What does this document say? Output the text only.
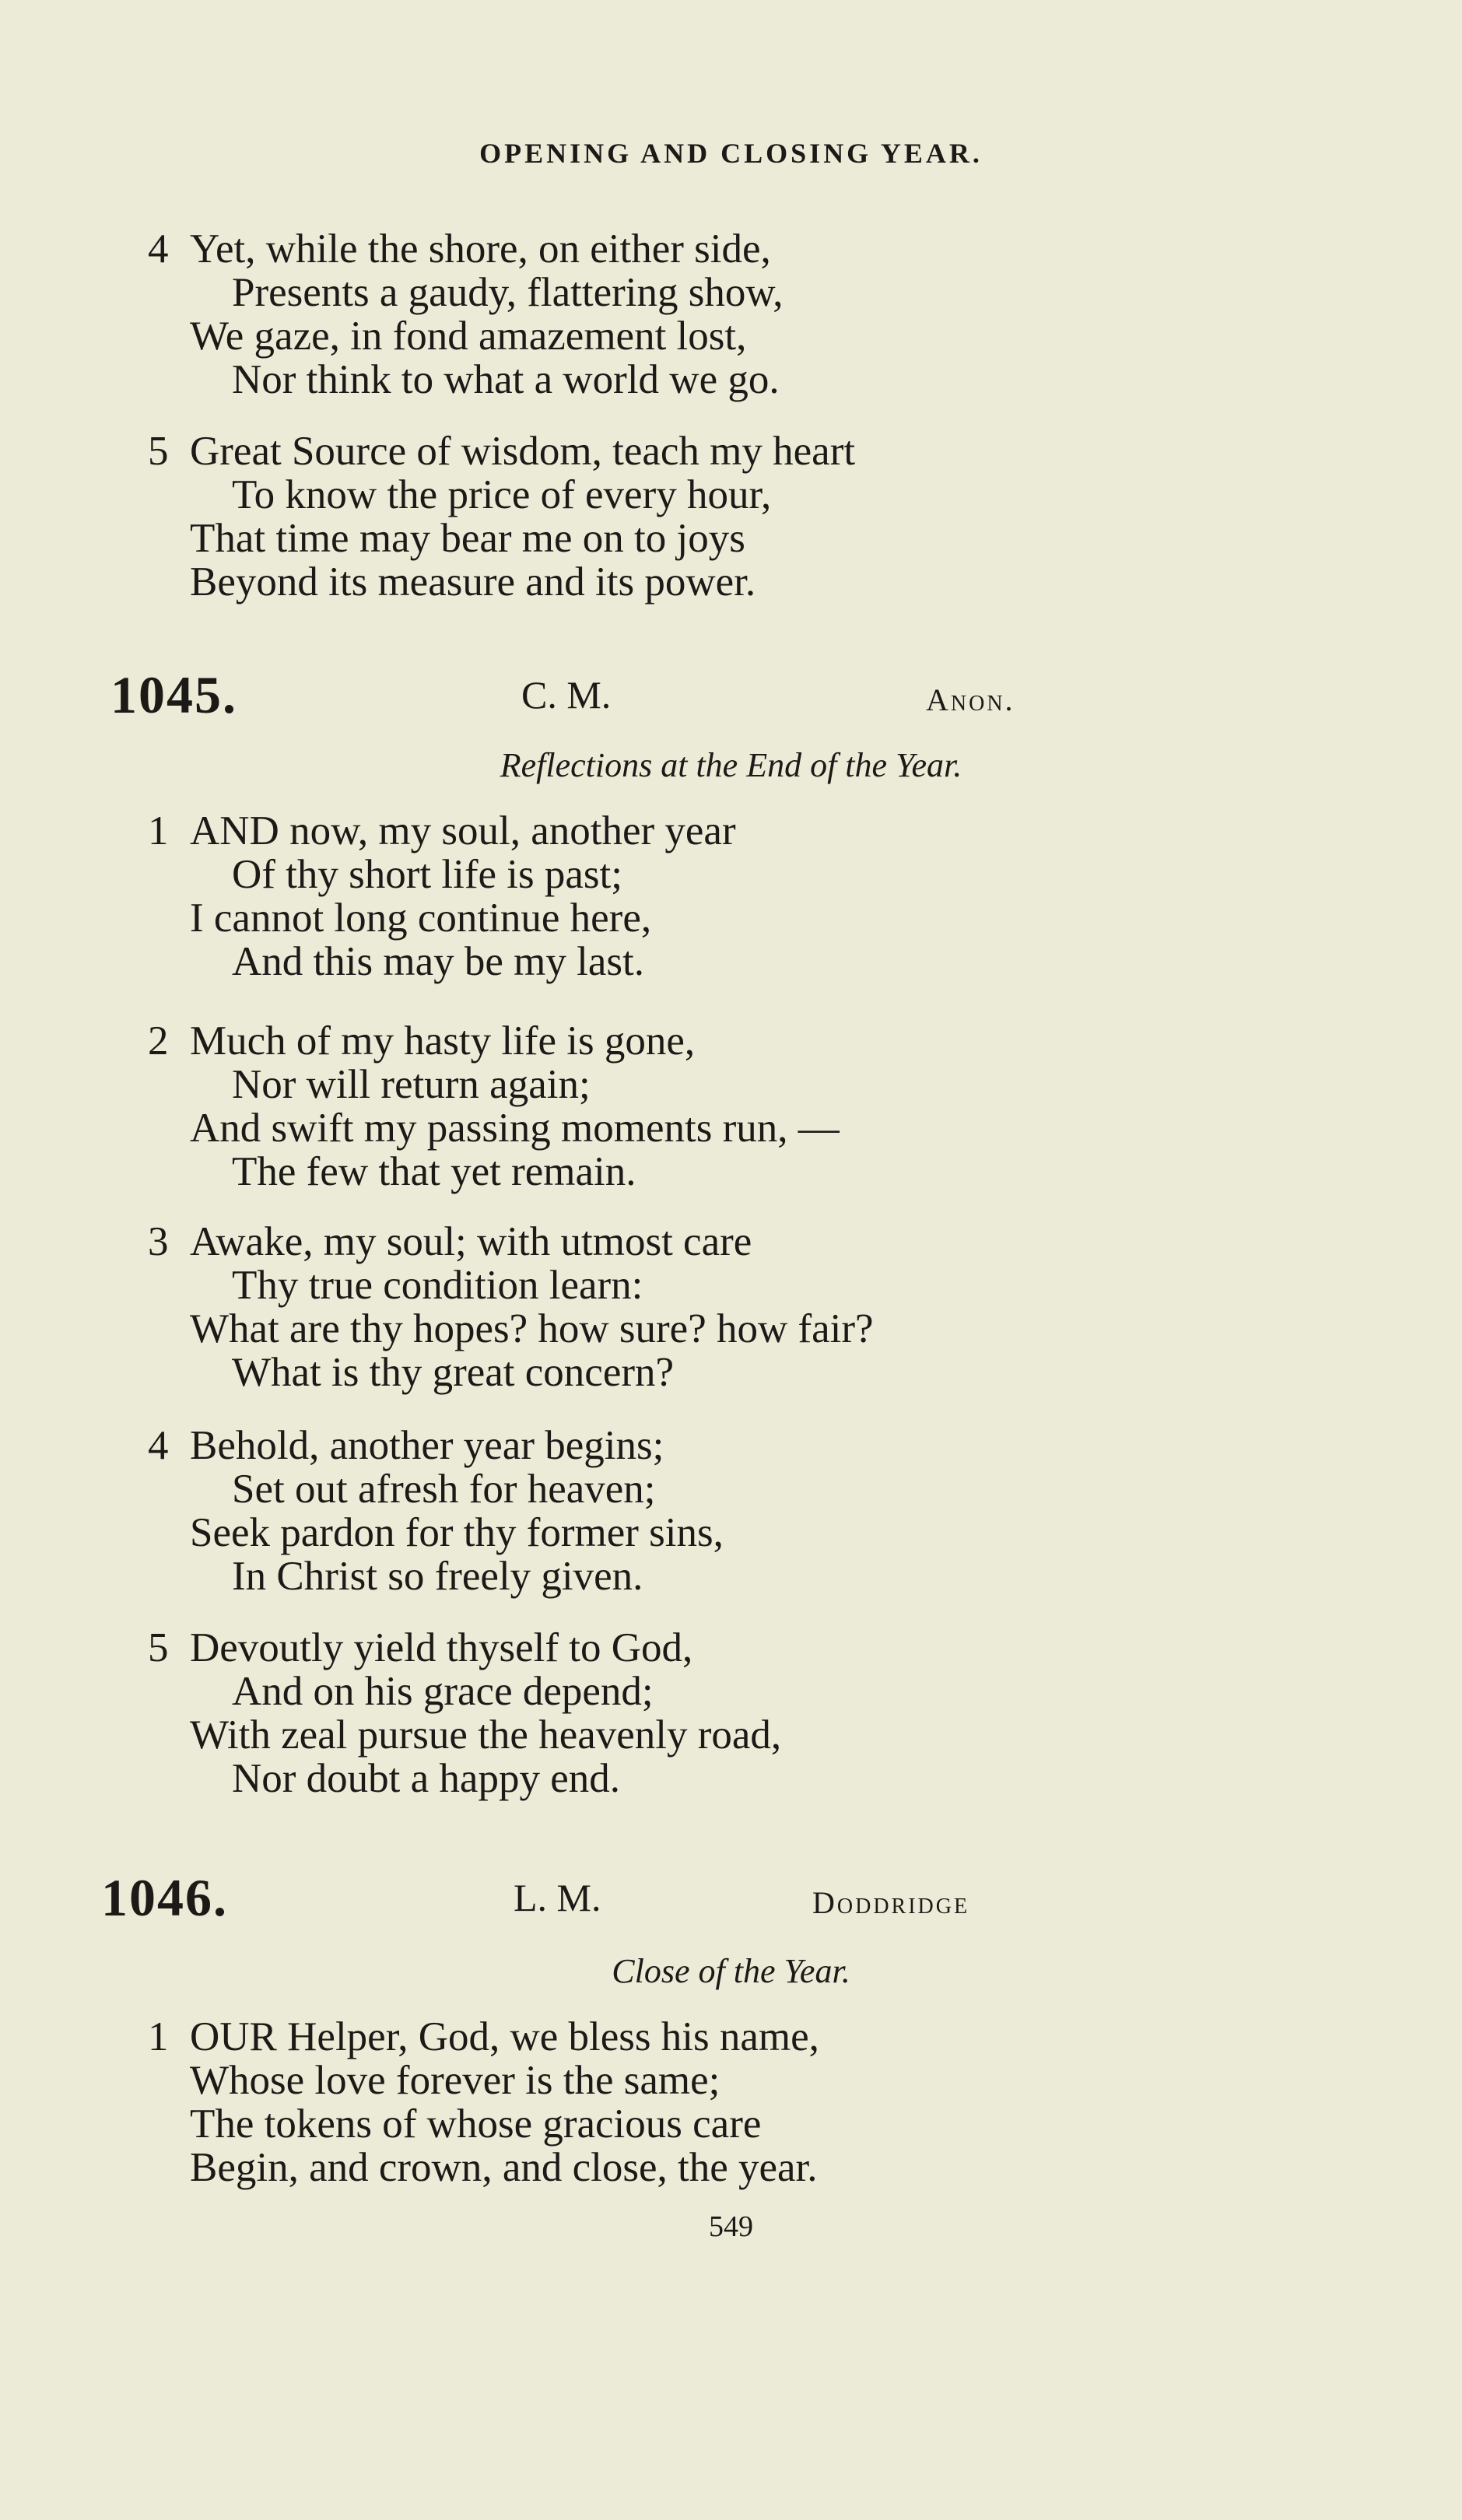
OPENING AND CLOSING YEAR.
4 Yet, while the shore, on either side,
Presents a gaudy, flattering show,
We gaze, in fond amazement lost,
Nor think to what a world we go.
5 Great Source of wisdom, teach my heart
To know the price of every hour,
That time may bear me on to joys
Beyond its measure and its power.
1045.	C. M.	Anon.
Reflections at the End of the Year.
1 AND now, my soul, another year
Of thy short life is past;
I cannot long continue here,
And this may be my last.
2 Much of my hasty life is gone,
Nor will return again;
And swift my passing moments run, —
The few that yet remain.
3 Awake, my soul; with utmost care
Thy true condition learn:
What are thy hopes? how sure? how fair?
What is thy great concern?
4 Behold, another year begins;
Set out afresh for heaven;
Seek pardon for thy former sins,
In Christ so freely given.
5 Devoutly yield thyself to God,
And on his grace depend;
With zeal pursue the heavenly road,
Nor doubt a happy end.
1046.	L. M.	Doddridge
Close of the Year.
1 OUR Helper, God, we bless his name,
Whose love forever is the same;
The tokens of whose gracious care
Begin, and crown, and close, the year.
549
